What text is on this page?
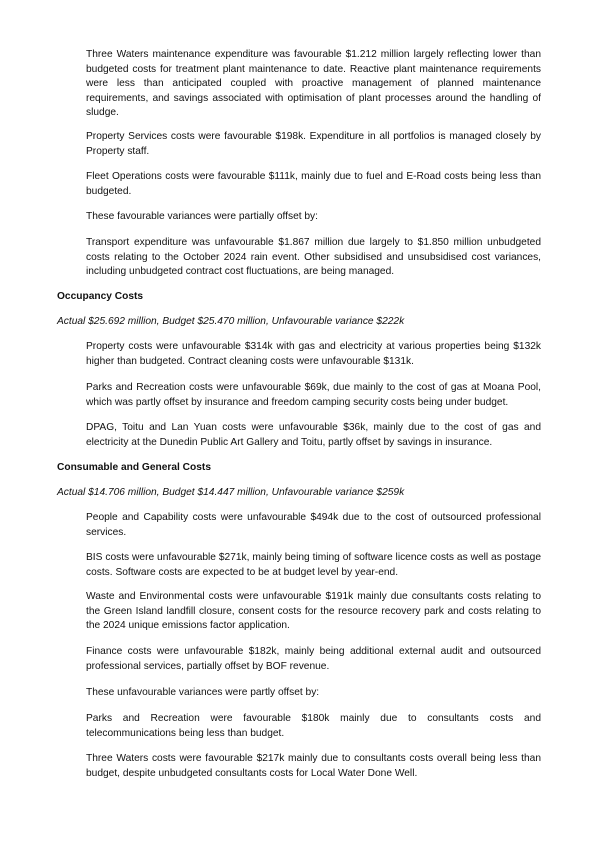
Three Waters maintenance expenditure was favourable $1.212 million largely reflecting lower than budgeted costs for treatment plant maintenance to date. Reactive plant maintenance requirements were less than anticipated coupled with proactive management of planned maintenance requirements, and savings associated with optimisation of plant processes around the handling of sludge.

Property Services costs were favourable $198k. Expenditure in all portfolios is managed closely by Property staff.

Fleet Operations costs were favourable $111k, mainly due to fuel and E-Road costs being less than budgeted.

These favourable variances were partially offset by:

Transport expenditure was unfavourable $1.867 million due largely to $1.850 million unbudgeted costs relating to the October 2024 rain event. Other subsidised and unsubsidised cost variances, including unbudgeted contract cost fluctuations, are being managed.

Occupancy Costs

Actual $25.692 million, Budget $25.470 million, Unfavourable variance $222k

Property costs were unfavourable $314k with gas and electricity at various properties being $132k higher than budgeted. Contract cleaning costs were unfavourable $131k.

Parks and Recreation costs were unfavourable $69k, due mainly to the cost of gas at Moana Pool, which was partly offset by insurance and freedom camping security costs being under budget.

DPAG, Toitu and Lan Yuan costs were unfavourable $36k, mainly due to the cost of gas and electricity at the Dunedin Public Art Gallery and Toitu, partly offset by savings in insurance.

Consumable and General Costs

Actual $14.706 million, Budget $14.447 million, Unfavourable variance $259k

People and Capability costs were unfavourable $494k due to the cost of outsourced professional services.

BIS costs were unfavourable $271k, mainly being timing of software licence costs as well as postage costs. Software costs are expected to be at budget level by year-end.

Waste and Environmental costs were unfavourable $191k mainly due consultants costs relating to the Green Island landfill closure, consent costs for the resource recovery park and costs relating to the 2024 unique emissions factor application.

Finance costs were unfavourable $182k, mainly being additional external audit and outsourced professional services, partially offset by BOF revenue.

These unfavourable variances were partly offset by:

Parks and Recreation were favourable $180k mainly due to consultants costs and telecommunications being less than budget.

Three Waters costs were favourable $217k mainly due to consultants costs overall being less than budget, despite unbudgeted consultants costs for Local Water Done Well.
